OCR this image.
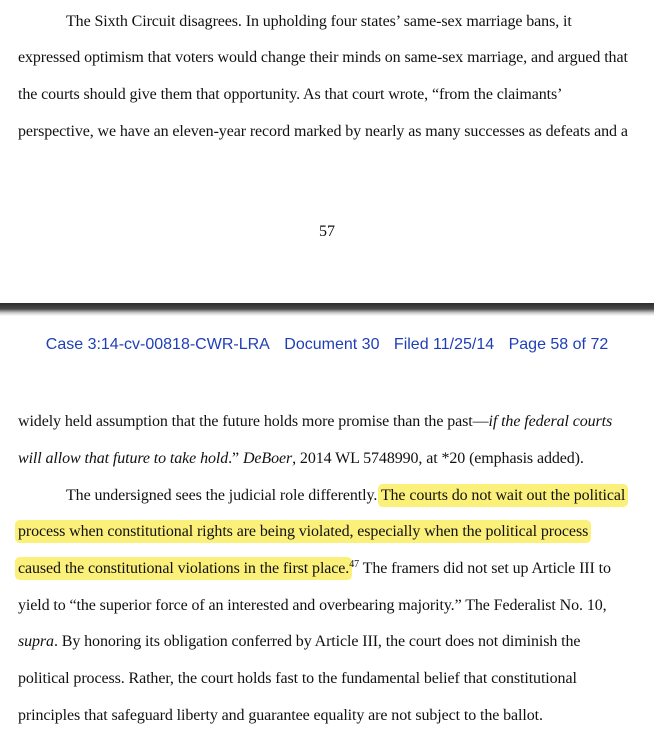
The Sixth Circuit disagrees. In upholding four states’ same-sex marriage bans, it
expressed optimism that voters would change their minds on same-sex marriage, and argued that
the courts should give them that opportunity. As that court wrote, “from the claimants’
perspective, we have an eleven-year record marked by nearly as many successes as defeats and a
57
Case 3:14-cv-00818-CWR-LRA Document 30 Filed 11/25/14 Page 58 of 72
widely held assumption that the future holds more promise than the past—if the federal courts
will allow that future to take hold.” DeBoer, 2014 WL 5748990, at *20 (emphasis added).
The undersigned sees the judicial role differently. The courts do not wait out the political
process when constitutional rights are being violated, especially when the political process
caused the constitutional violations in the first place.$^{47}$ The framers did not set up Article III to
yield to “the superior force of an interested and overbearing majority.” The Federalist No. 10,
supra. By honoring its obligation conferred by Article III, the court does not diminish the
political process. Rather, the court holds fast to the fundamental belief that constitutional
principles that safeguard liberty and guarantee equality are not subject to the ballot.
